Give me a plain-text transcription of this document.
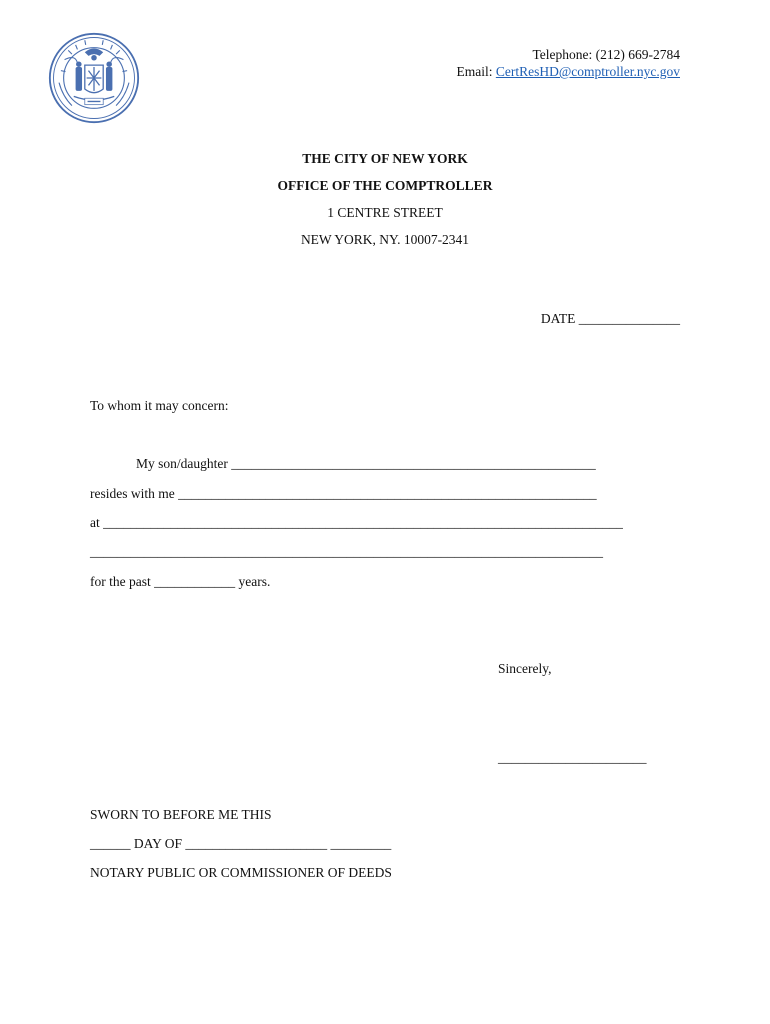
Telephone: (212) 669-2784
Email: CertResHD@comptroller.nyc.gov
THE CITY OF NEW YORK
OFFICE OF THE COMPTROLLER
1 CENTRE STREET
NEW YORK, NY. 10007-2341
DATE _______________
To whom it may concern:
My son/daughter ______________________________________________________
resides with me ______________________________________________________________
at _____________________________________________________________________________
____________________________________________________________________________
for the past ____________ years.
Sincerely,
______________________
SWORN TO BEFORE ME THIS
______ DAY OF _____________________ _________
NOTARY PUBLIC OR COMMISSIONER OF DEEDS
